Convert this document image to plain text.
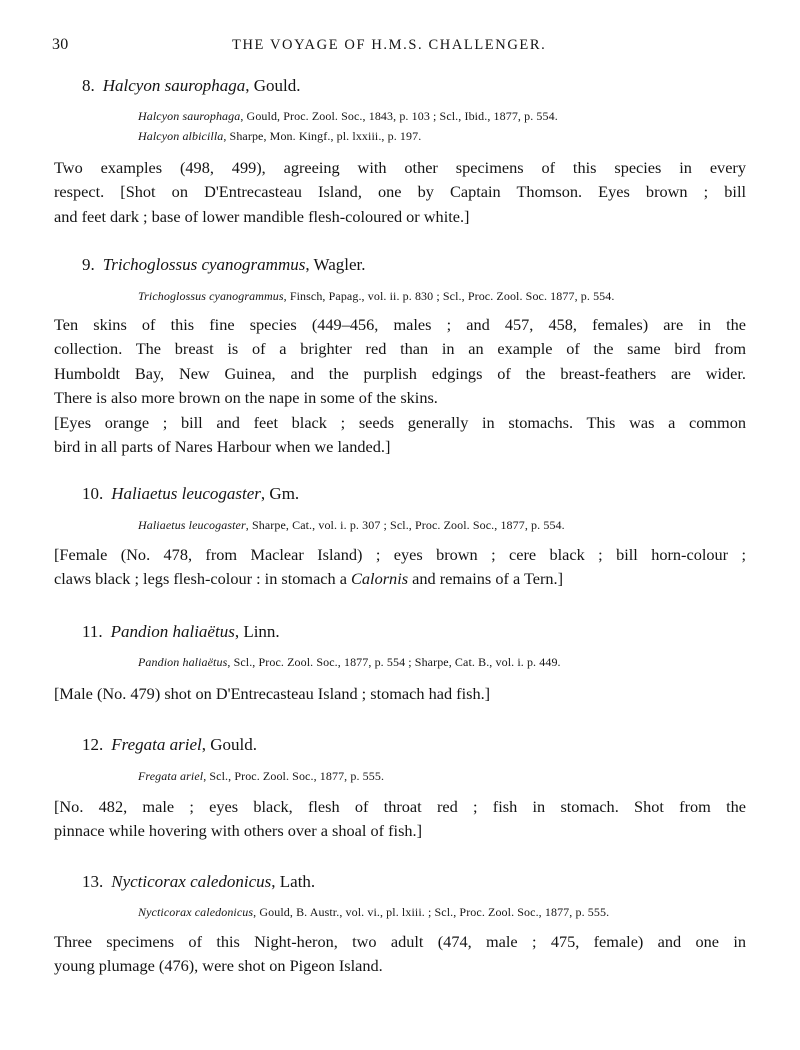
30	THE VOYAGE OF H.M.S. CHALLENGER.
8. Halcyon saurophaga, Gould.
Halcyon saurophaga, Gould, Proc. Zool. Soc., 1843, p. 103 ; Scl., Ibid., 1877, p. 554.
Halcyon albicilla, Sharpe, Mon. Kingf., pl. lxxiii., p. 197.
Two examples (498, 499), agreeing with other specimens of this species in every
respect. [Shot on D'Entrecasteau Island, one by Captain Thomson. Eyes brown ; bill
and feet dark ; base of lower mandible flesh-coloured or white.]
9. Trichoglossus cyanogrammus, Wagler.
Trichoglossus cyanogrammus, Finsch, Papag., vol. ii. p. 830 ; Scl., Proc. Zool. Soc. 1877, p. 554.
Ten skins of this fine species (449–456, males ; and 457, 458, females) are in the
collection. The breast is of a brighter red than in an example of the same bird from
Humboldt Bay, New Guinea, and the purplish edgings of the breast-feathers are wider.
There is also more brown on the nape in some of the skins.
[Eyes orange ; bill and feet black ; seeds generally in stomachs. This was a common
bird in all parts of Nares Harbour when we landed.]
10. Haliaetus leucogaster, Gm.
Haliaetus leucogaster, Sharpe, Cat., vol. i. p. 307 ; Scl., Proc. Zool. Soc., 1877, p. 554.
[Female (No. 478, from Maclear Island) ; eyes brown ; cere black ; bill horn-colour ;
claws black ; legs flesh-colour : in stomach a Calornis and remains of a Tern.]
11. Pandion haliaëtus, Linn.
Pandion haliaëtus, Scl., Proc. Zool. Soc., 1877, p. 554 ; Sharpe, Cat. B., vol. i. p. 449.
[Male (No. 479) shot on D'Entrecasteau Island ; stomach had fish.]
12. Fregata ariel, Gould.
Fregata ariel, Scl., Proc. Zool. Soc., 1877, p. 555.
[No. 482, male ; eyes black, flesh of throat red ; fish in stomach. Shot from the
pinnace while hovering with others over a shoal of fish.]
13. Nycticorax caledonicus, Lath.
Nycticorax caledonicus, Gould, B. Austr., vol. vi., pl. lxiii. ; Scl., Proc. Zool. Soc., 1877, p. 555.
Three specimens of this Night-heron, two adult (474, male ; 475, female) and one in
young plumage (476), were shot on Pigeon Island.
